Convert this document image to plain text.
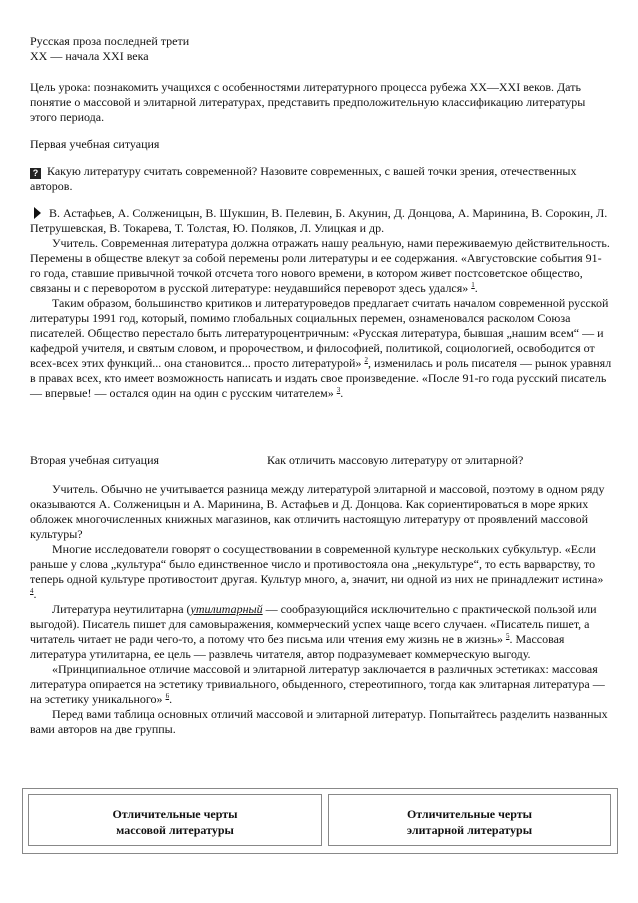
Русская проза последней трети
XX — начала XXI века

Цель урока: познакомить учащихся с особенностями литературного процесса рубежа XX—XXI веков. Дать понятие о массовой и элитарной литературах, представить предположительную классификацию литературы этого периода.

Первая учебная ситуация

? Какую литературу считать современной? Назовите современных, с вашей точки зрения, отечественных авторов.

В. Астафьев, А. Солженицын, В. Шукшин, В. Пелевин, Б. Акунин, Д. Донцова, А. Маринина, В. Сорокин, Л. Петрушевская, В. Токарева, Т. Толстая, Ю. Поляков, Л. Улицкая и др.

Учитель. Современная литература должна отражать нашу реальную, нами переживаемую действительность. Перемены в обществе влекут за собой перемены роли литературы и ее содержания. «Августовские события 91-го года, ставшие привычной точкой отсчета того нового времени, в котором живет постсоветское общество, связаны и с переворотом в русской литературе: неудавшийся переворот здесь удался» $^1$.

Таким образом, большинство критиков и литературоведов предлагает считать началом современной русской литературы 1991 год, который, помимо глобальных социальных перемен, ознаменовался расколом Союза писателей. Общество перестало быть литературоцентричным: «Русская литература, бывшая „нашим всем“ — и кафедрой учителя, и святым словом, и пророчеством, и философией, политикой, социологией, освободится от всех-всех этих функций... она становится... просто литературой» $^2$, изменилась и роль писателя — рынок уравнял в правах всех, кто имеет возможность написать и издать свое произведение. «После 91-го года русский писатель — впервые! — остался один на один с русским читателем» $^3$.

Вторая учебная ситуация	Как отличить массовую литературу от элитарной?

Учитель. Обычно не учитывается разница между литературой элитарной и массовой, поэтому в одном ряду оказываются А. Солженицын и А. Маринина, В. Астафьев и Д. Донцова. Как сориентироваться в море ярких обложек многочисленных книжных магазинов, как отличить настоящую литературу от проявлений массовой культуры?

Многие исследователи говорят о сосуществовании в современной культуре нескольких субкультур. «Если раньше у слова „культура“ было единственное число и противостояла она „некультуре“, то есть варварству, то теперь одной культуре противостоит другая. Культур много, а, значит, ни одной из них не принадлежит истина» $^4$.

Литература неутилитарна (утилитарный — сообразующийся исключительно с практической пользой или выгодой). Писатель пишет для самовыражения, коммерческий успех чаще всего случаен. «Писатель пишет, а читатель читает не ради чего-то, а потому что без письма или чтения ему жизнь не в жизнь» $^5$. Массовая литература утилитарна, ее цель — развлечь читателя, автор подразумевает коммерческую выгоду.

«Принципиальное отличие массовой и элитарной литератур заключается в различных эстетиках: массовая литература опирается на эстетику тривиального, обыденного, стереотипного, тогда как элитарная литература — на эстетику уникального» $^6$.

Перед вами таблица основных отличий массовой и элитарной литератур. Попытайтесь разделить названных вами авторов на две группы.

Отличительные черты
массовой литературы
Отличительные черты
элитарной литературы
